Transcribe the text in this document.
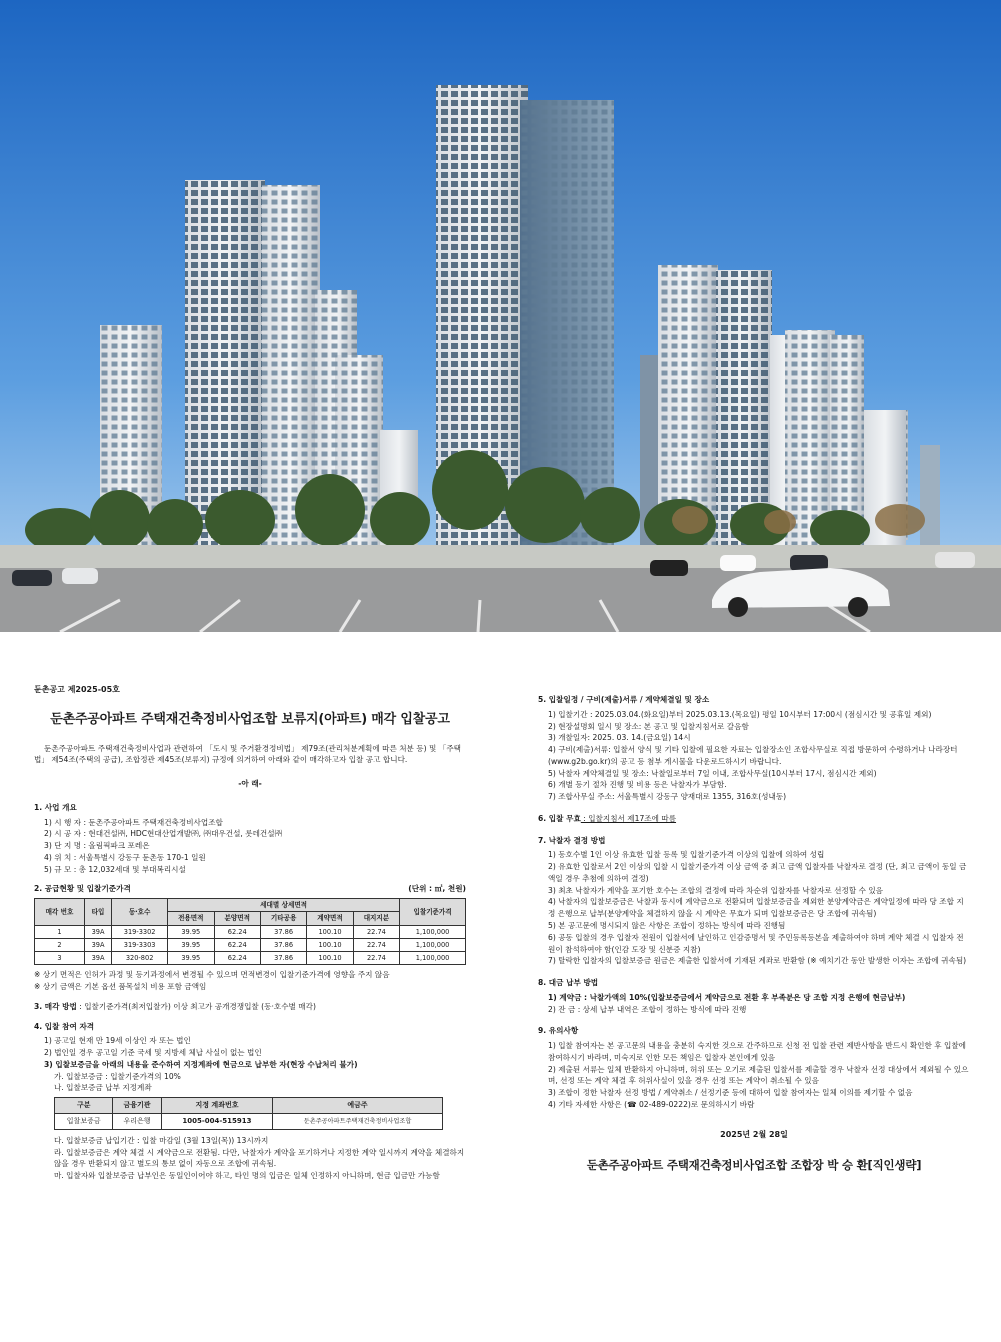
둔촌공고 제2025-05호
둔촌주공아파트 주택재건축정비사업조합 보류지(아파트) 매각 입찰공고
둔촌주공아파트 주택재건축정비사업과 관련하여 「도시 및 주거환경정비법」 제79조(관리처분계획에 따른 처분 등) 및 「주택법」 제54조(주택의 공급), 조합정관 제45조(보류지) 규정에 의거하여 아래와 같이 매각하고자 입찰 공고 합니다.
-아 래-
1. 사업 개요
1) 시 행 자 : 둔촌주공아파트 주택재건축정비사업조합
2) 시 공 자 : 현대건설㈜, HDC현대산업개발㈜, ㈜대우건설, 롯데건설㈜
3) 단 지 명 : 올림픽파크 포레온
4) 위 치 : 서울특별시 강동구 둔촌동 170-1 일원
5) 규 모 : 총 12,032세대 및 부대복리시설
2. 공급현황 및 입찰기준가격	(단위 : ㎡, 천원)
매각 번호	타입	동·호수	세대별 상세면적					입찰기준가격
			전용면적	분양면적	기타공용	계약면적	대지지분	
1	39A	319-3302	39.95	62.24	37.86	100.10	22.74	1,100,000
2	39A	319-3303	39.95	62.24	37.86	100.10	22.74	1,100,000
3	39A	320-802	39.95	62.24	37.86	100.10	22.74	1,100,000
※ 상기 면적은 인허가 과정 및 등기과정에서 변경될 수 있으며 면적변경이 입찰기준가격에 영향을 주지 않음
※ 상기 금액은 기본 옵션 품목설치 비용 포함 금액임
3. 매각 방법 : 입찰기준가격(최저입찰가) 이상 최고가 공개경쟁입찰 (동·호수별 매각)
4. 입찰 참여 자격
1) 공고일 현재 만 19세 이상인 자 또는 법인
2) 법인일 경우 공고일 기준 국세 및 지방세 체납 사실이 없는 법인
3) 입찰보증금을 아래의 내용을 준수하여 지정계좌에 현금으로 납부한 자(현장 수납처리 불가)
가. 입찰보증금 : 입찰기준가격의 10%
나. 입찰보증금 납부 지정계좌
구분	금융기관	지정 계좌번호	예금주
입찰보증금	우리은행	1005-004-515913	둔촌주공아파트주택재건축정비사업조합
다. 입찰보증금 납입기간 : 입찰 마감일 (3월 13일(목)) 13시까지
라. 입찰보증금은 계약 체결 시 계약금으로 전환됨. 다만, 낙찰자가 계약을 포기하거나 지정한 계약 일시까지 계약을 체결하지 않을 경우 반환되지 않고 별도의 통보 없이 자동으로 조합에 귀속됨.
마. 입찰자와 입찰보증금 납부인은 동일인이어야 하고, 타인 명의 입금은 일체 인정하지 아니하며, 현금 입금만 가능함
5. 입찰일정 / 구비(제출)서류 / 계약체결일 및 장소
1) 입찰기간 : 2025.03.04.(화요일)부터 2025.03.13.(목요일) 평일 10시부터 17:00시 (점심시간 및 공휴일 제외)
2) 현장설명회 일시 및 장소: 본 공고 및 입찰지침서로 갈음함
3) 개찰일자: 2025. 03. 14.(금요일) 14시
4) 구비(제출)서류: 입찰서 양식 및 기타 입찰에 필요한 자료는 입찰장소인 조합사무실로 직접 방문하여 수령하거나 나라장터(www.g2b.go.kr)의 공고 등 첨부 게시물을 다운로드하시기 바랍니다.
5) 낙찰자 계약체결일 및 장소: 낙찰일로부터 7일 이내, 조합사무실(10시부터 17시, 점심시간 제외)
6) 개별 등기 절차 진행 및 비용 등은 낙찰자가 부담함.
7) 조합사무실 주소: 서울특별시 강동구 양재대로 1355, 316호(성내동)
6. 입찰 무효 : 입찰지침서 제17조에 따름
7. 낙찰자 결정 방법
1) 동호수별 1인 이상 유효한 입찰 등록 및 입찰기준가격 이상의 입찰에 의하여 성립
2) 유효한 입찰로서 2인 이상의 입찰 시 입찰기준가격 이상 금액 중 최고 금액 입찰자를 낙찰자로 결정 (단, 최고 금액이 동일 금액일 경우 추첨에 의하여 결정)
3) 최초 낙찰자가 계약을 포기한 호수는 조합의 결정에 따라 차순위 입찰자를 낙찰자로 선정할 수 있음
4) 낙찰자의 입찰보증금은 낙찰과 동시에 계약금으로 전환되며 입찰보증금을 제외한 분양계약금은 계약일정에 따라 당 조합 지정 은행으로 납부(분양계약을 체결하지 않을 시 계약은 무효가 되며 입찰보증금은 당 조합에 귀속됨)
5) 본 공고문에 명시되지 않은 사항은 조합이 정하는 방식에 따라 진행됨
6) 공동 입찰의 경우 입찰자 전원이 입찰서에 날인하고 인감증명서 및 주민등록등본을 제출하여야 하며 계약 체결 시 입찰자 전원이 참석하여야 함(인감 도장 및 신분증 지참)
7) 탈락한 입찰자의 입찰보증금 원금은 제출한 입찰서에 기재된 계좌로 반환함 (※ 예치기간 동안 발생한 이자는 조합에 귀속됨)
8. 대금 납부 방법
1) 계약금 : 낙찰가액의 10%(입찰보증금에서 계약금으로 전환 후 부족분은 당 조합 지정 은행에 현금납부)
2) 잔 금 : 상세 납부 내역은 조합이 정하는 방식에 따라 진행
9. 유의사항
1) 입찰 참여자는 본 공고문의 내용을 충분히 숙지한 것으로 간주하므로 신청 전 입찰 관련 제반사항을 반드시 확인한 후 입찰에 참여하시기 바라며, 미숙지로 인한 모든 책임은 입찰자 본인에게 있음
2) 제출된 서류는 일체 반환하지 아니하며, 허위 또는 오기로 제출된 입찰서를 제출할 경우 낙찰자 선정 대상에서 제외될 수 있으며, 선정 또는 계약 체결 후 허위사실이 있을 경우 선정 또는 계약이 취소될 수 있음
3) 조합이 정한 낙찰자 선정 방법 / 계약취소 / 선정기준 등에 대하여 입찰 참여자는 일체 이의를 제기할 수 없음
4) 기타 자세한 사항은 (☎ 02-489-0222)로 문의하시기 바람
2025년 2월 28일
둔촌주공아파트 주택재건축정비사업조합 조합장 박 승 환[직인생략]
